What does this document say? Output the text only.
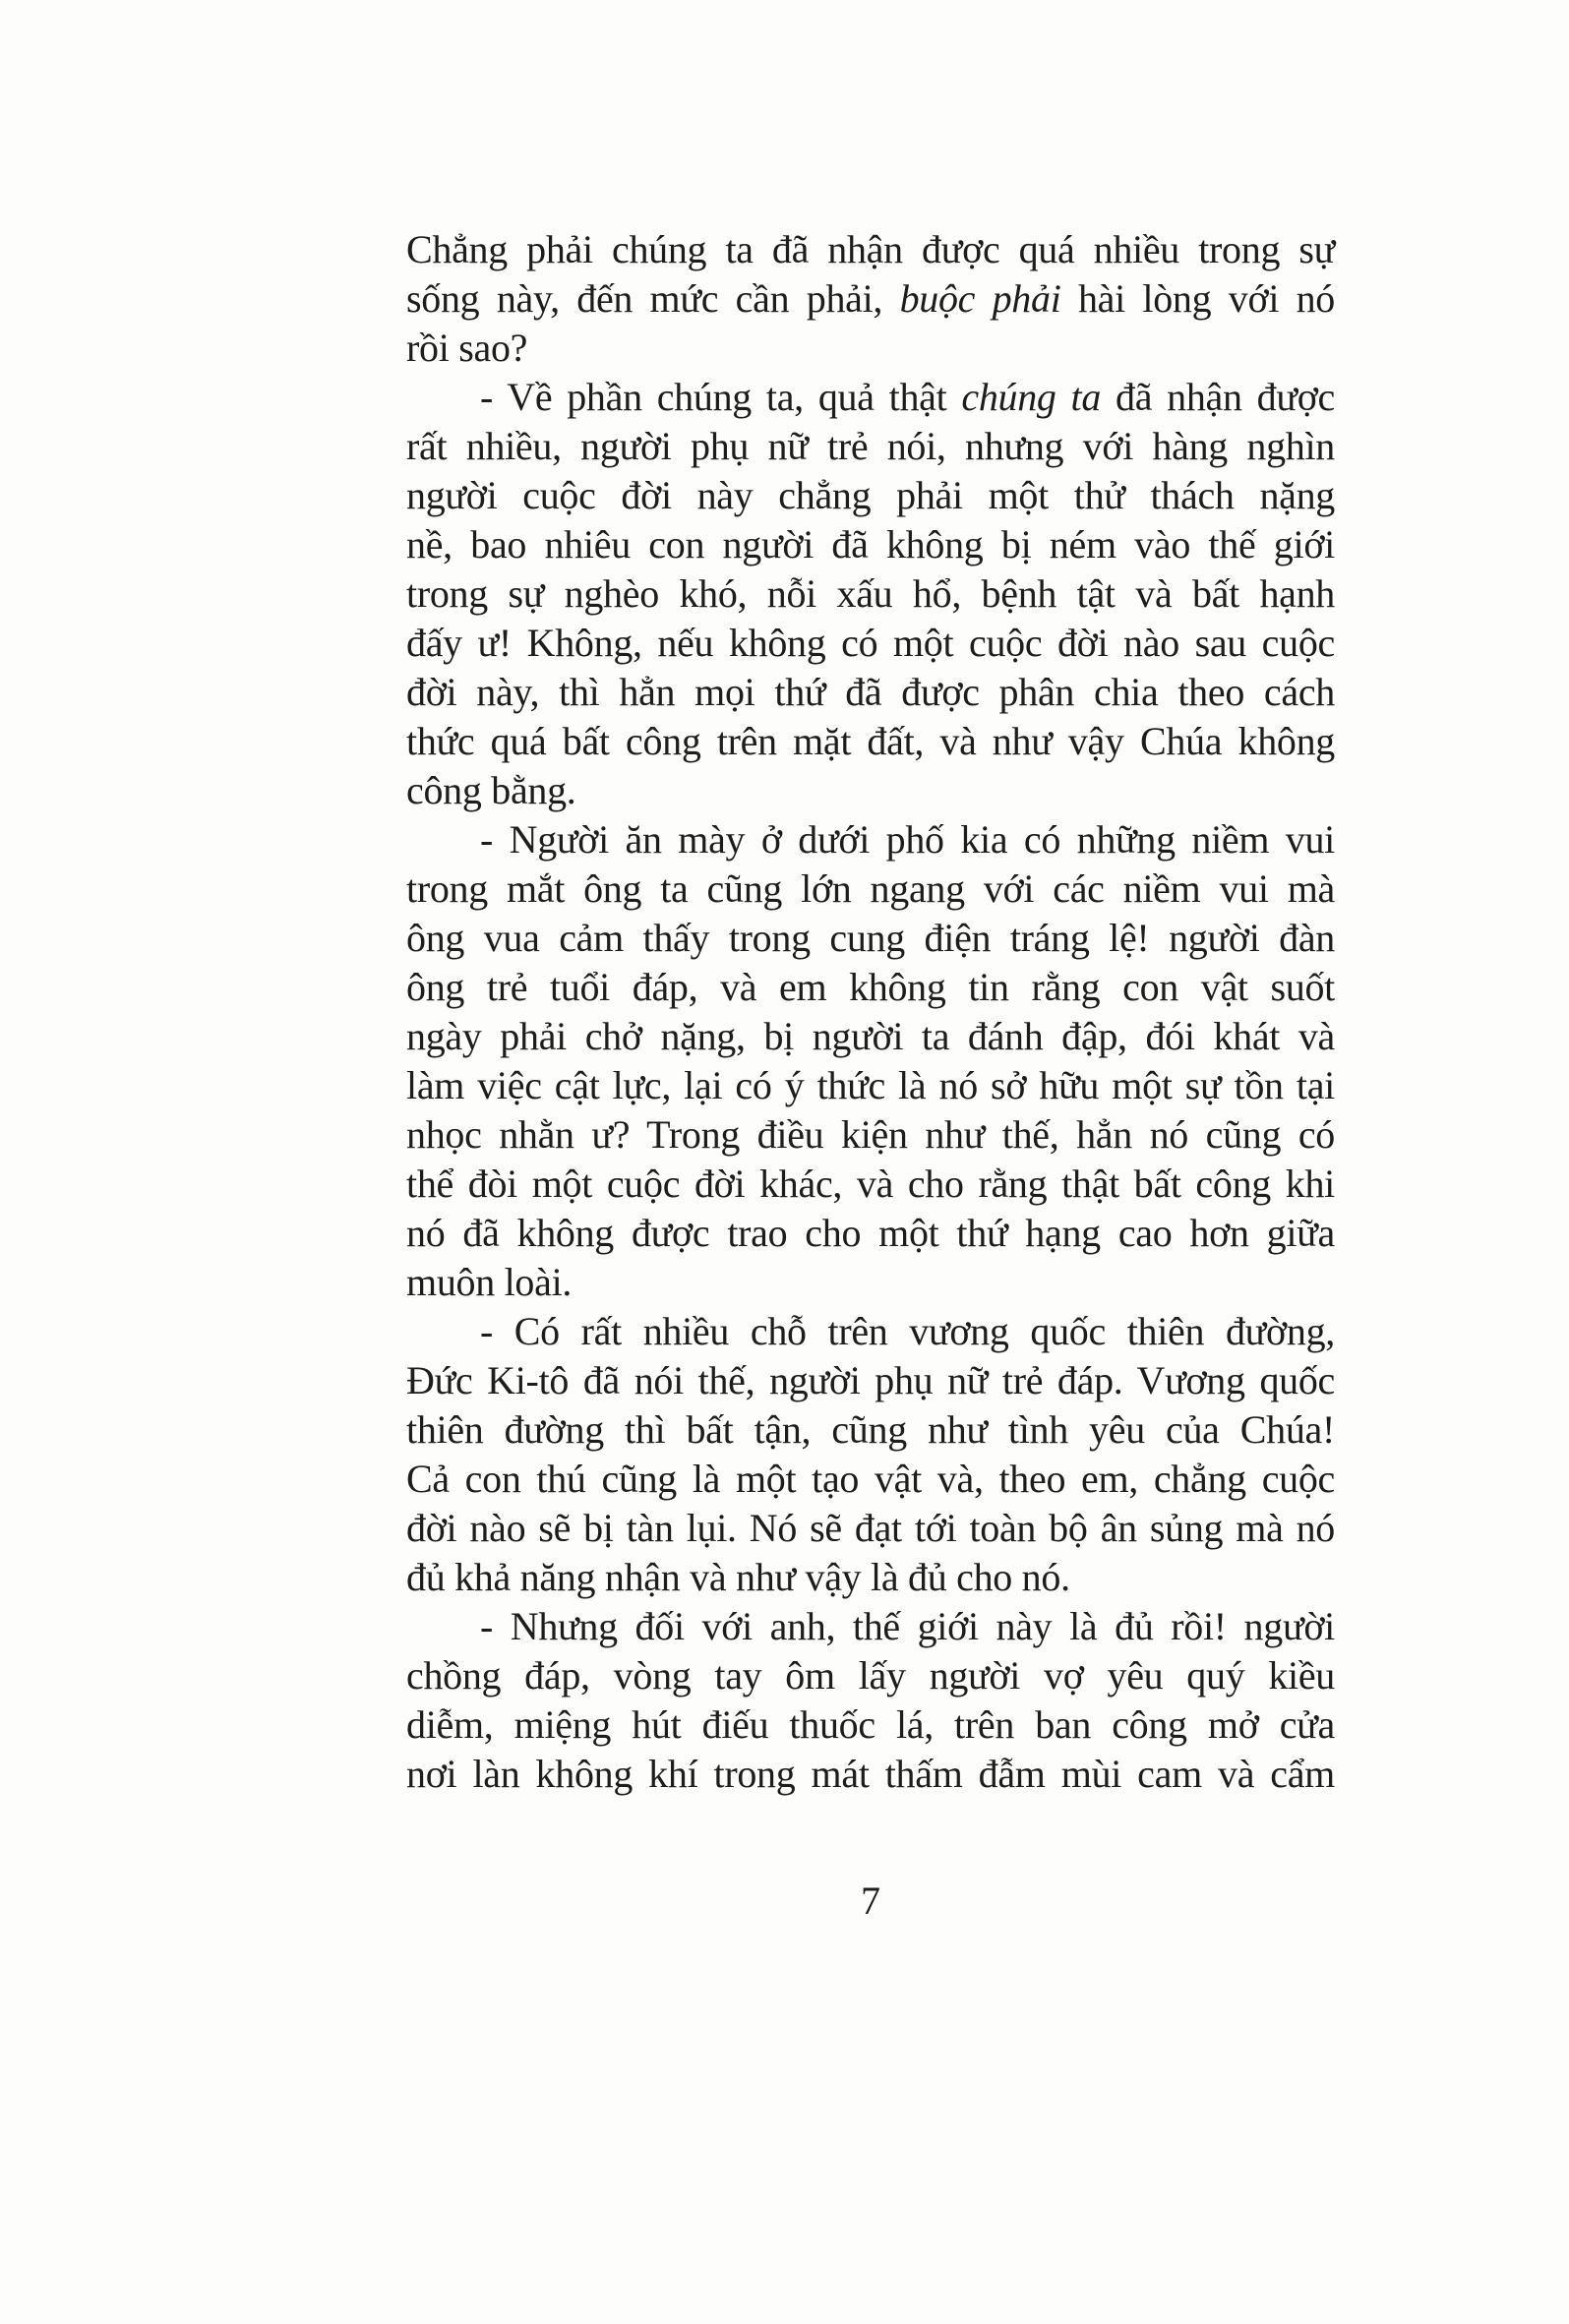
Chẳng phải chúng ta đã nhận được quá nhiều trong sự
sống này, đến mức cần phải, buộc phải hài lòng với nó
rồi sao?
- Về phần chúng ta, quả thật chúng ta đã nhận được
rất nhiều, người phụ nữ trẻ nói, nhưng với hàng nghìn
người cuộc đời này chẳng phải một thử thách nặng
nề, bao nhiêu con người đã không bị ném vào thế giới
trong sự nghèo khó, nỗi xấu hổ, bệnh tật và bất hạnh
đấy ư! Không, nếu không có một cuộc đời nào sau cuộc
đời này, thì hẳn mọi thứ đã được phân chia theo cách
thức quá bất công trên mặt đất, và như vậy Chúa không
công bằng.
- Người ăn mày ở dưới phố kia có những niềm vui
trong mắt ông ta cũng lớn ngang với các niềm vui mà
ông vua cảm thấy trong cung điện tráng lệ! người đàn
ông trẻ tuổi đáp, và em không tin rằng con vật suốt
ngày phải chở nặng, bị người ta đánh đập, đói khát và
làm việc cật lực, lại có ý thức là nó sở hữu một sự tồn tại
nhọc nhằn ư? Trong điều kiện như thế, hẳn nó cũng có
thể đòi một cuộc đời khác, và cho rằng thật bất công khi
nó đã không được trao cho một thứ hạng cao hơn giữa
muôn loài.
- Có rất nhiều chỗ trên vương quốc thiên đường,
Đức Ki-tô đã nói thế, người phụ nữ trẻ đáp. Vương quốc
thiên đường thì bất tận, cũng như tình yêu của Chúa!
Cả con thú cũng là một tạo vật và, theo em, chẳng cuộc
đời nào sẽ bị tàn lụi. Nó sẽ đạt tới toàn bộ ân sủng mà nó
đủ khả năng nhận và như vậy là đủ cho nó.
- Nhưng đối với anh, thế giới này là đủ rồi! người
chồng đáp, vòng tay ôm lấy người vợ yêu quý kiều
diễm, miệng hút điếu thuốc lá, trên ban công mở cửa
nơi làn không khí trong mát thấm đẫm mùi cam và cẩm
7
